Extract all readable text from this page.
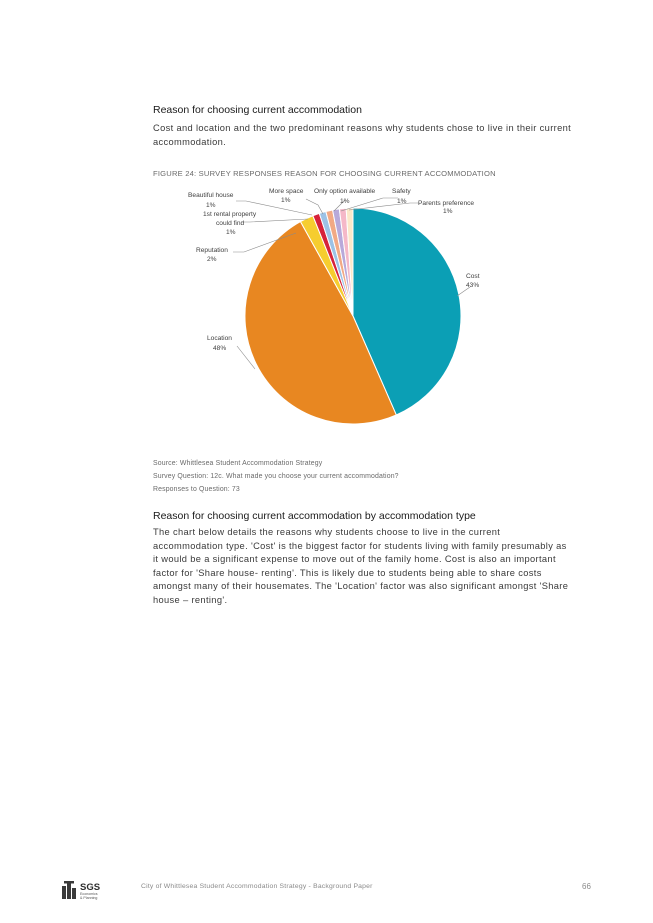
Reason for choosing current accommodation
Cost and location and the two predominant reasons why students chose to live in their current accommodation.
FIGURE 24: SURVEY RESPONSES REASON FOR CHOOSING CURRENT ACCOMMODATION
Cost
43%
Location
48%
Reputation
2%
1st rental property
could find
1%
Beautiful house
1%
More space
1%
Only option available
1%
Safety
1% Parents preference
1%
Source: Whittlesea Student Accommodation Strategy
Survey Question: 12c. What made you choose your current accommodation?
Responses to Question: 73
Reason for choosing current accommodation by accommodation type

The chart below details the reasons why students choose to live in the current

accommodation type. 'Cost' is the biggest factor for students living with family presumably as

it would be a significant expense to move out of the family home. Cost is also an important

factor for 'Share house- renting'. This is likely due to students being able to share costs

amongst many of their housemates. The 'Location' factor was also significant amongst 'Share

house – renting'.

SGS
Economics
& Planning
City of Whittlesea Student Accommodation Strategy - Background Paper	66
